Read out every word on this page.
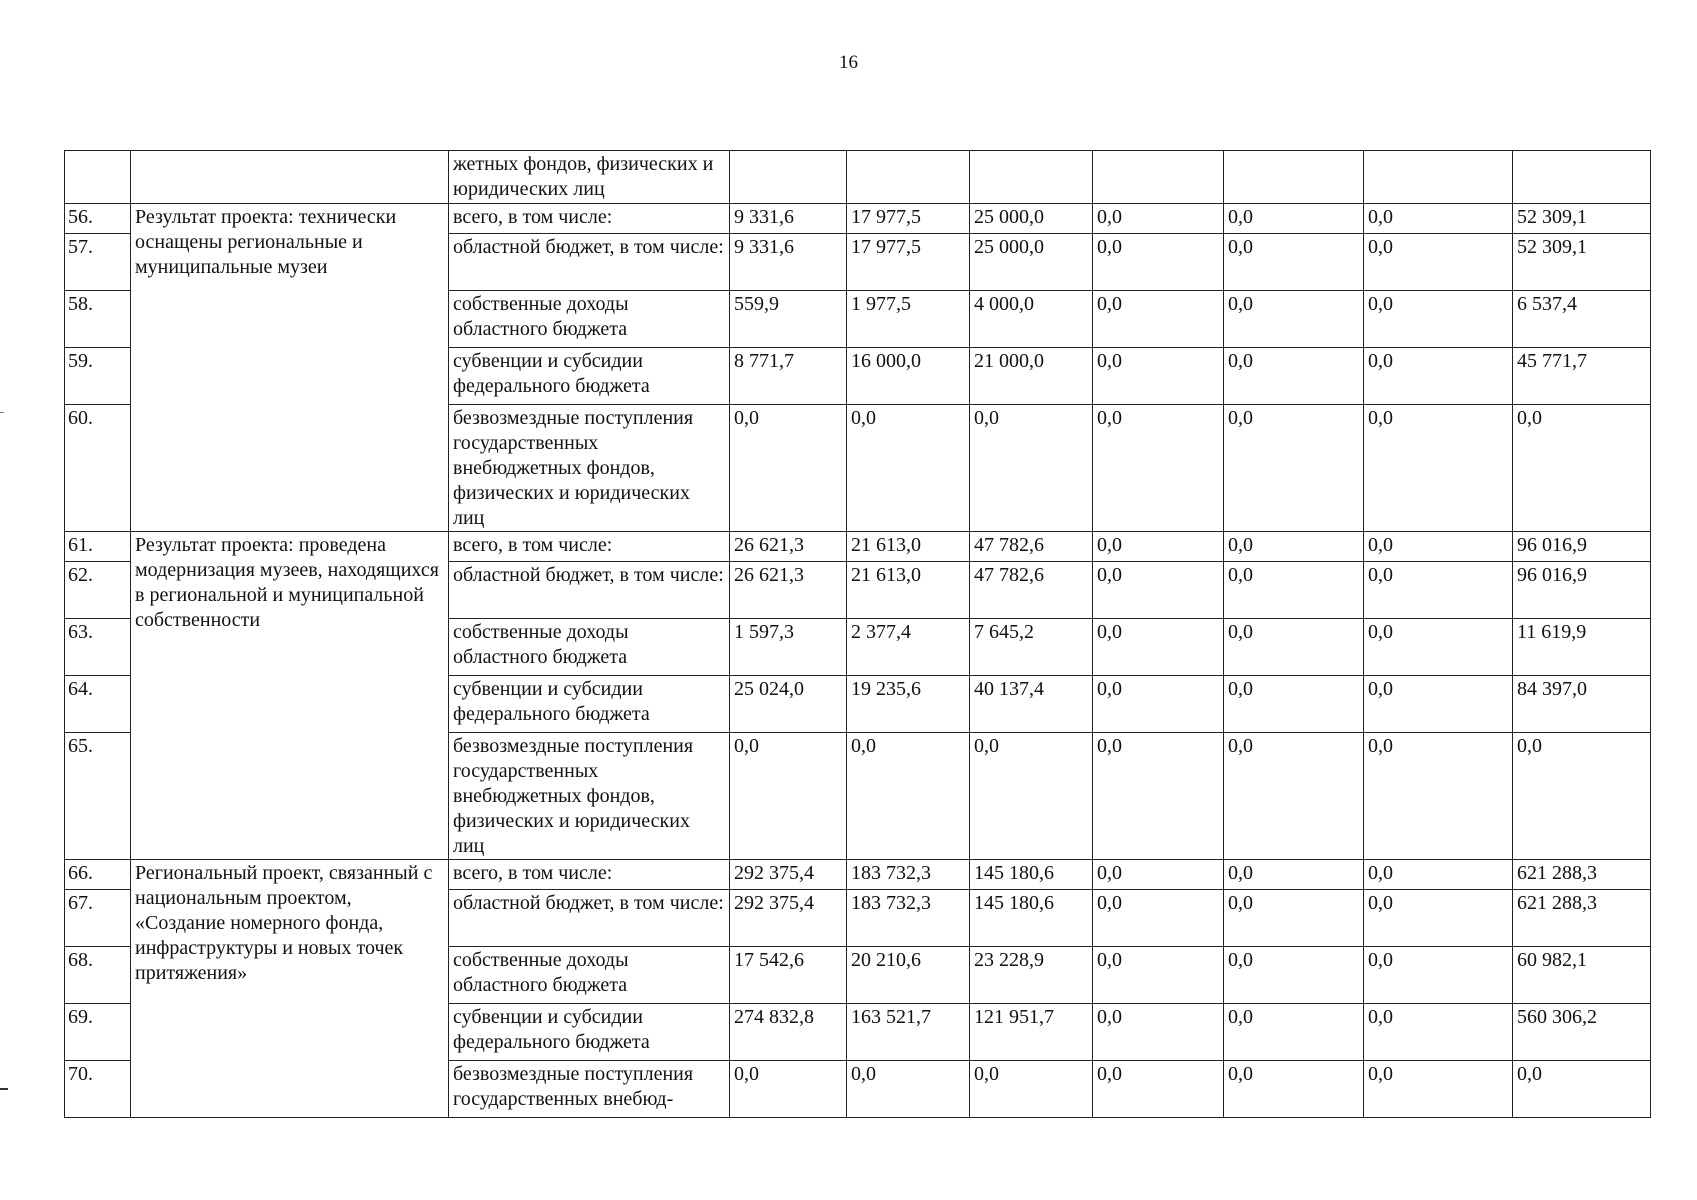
16
		жетных фондов, физических и юридических лиц							
56.	Результат проекта: технически оснащены региональные и муниципальные музеи	всего, в том числе:	9 331,6	17 977,5	25 000,0	0,0	0,0	0,0	52 309,1
57.		областной бюджет, в том числе:	9 331,6	17 977,5	25 000,0	0,0	0,0	0,0	52 309,1
58.		собственные доходы областного бюджета	559,9	1 977,5	4 000,0	0,0	0,0	0,0	6 537,4
59.		субвенции и субсидии федерального бюджета	8 771,7	16 000,0	21 000,0	0,0	0,0	0,0	45 771,7
60.		безвозмездные поступления государственных внебюджетных фондов, физических и юридических лиц	0,0	0,0	0,0	0,0	0,0	0,0	0,0
61.	Результат проекта: проведена модернизация музеев, находящихся в региональной и муниципальной собственности	всего, в том числе:	26 621,3	21 613,0	47 782,6	0,0	0,0	0,0	96 016,9
62.		областной бюджет, в том числе:	26 621,3	21 613,0	47 782,6	0,0	0,0	0,0	96 016,9
63.		собственные доходы областного бюджета	1 597,3	2 377,4	7 645,2	0,0	0,0	0,0	11 619,9
64.		субвенции и субсидии федерального бюджета	25 024,0	19 235,6	40 137,4	0,0	0,0	0,0	84 397,0
65.		безвозмездные поступления государственных внебюджетных фондов, физических и юридических лиц	0,0	0,0	0,0	0,0	0,0	0,0	0,0
66.	Региональный проект, связанный с национальным проектом, «Создание номерного фонда, инфраструктуры и новых точек притяжения»	всего, в том числе:	292 375,4	183 732,3	145 180,6	0,0	0,0	0,0	621 288,3
67.		областной бюджет, в том числе:	292 375,4	183 732,3	145 180,6	0,0	0,0	0,0	621 288,3
68.		собственные доходы областного бюджета	17 542,6	20 210,6	23 228,9	0,0	0,0	0,0	60 982,1
69.		субвенции и субсидии федерального бюджета	274 832,8	163 521,7	121 951,7	0,0	0,0	0,0	560 306,2
70.		безвозмездные поступления государственных внебюд-	0,0	0,0	0,0	0,0	0,0	0,0	0,0
